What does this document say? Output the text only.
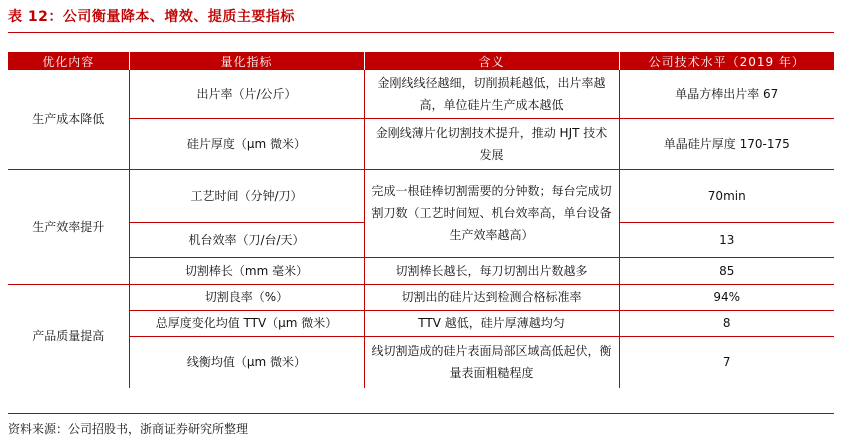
表 12：公司衡量降本、增效、提质主要指标
优化内容	量化指标	含义	公司技术水平（2019 年）
生产成本降低	出片率（片/公斤）	金刚线线径越细，切削损耗越低，出片率越高，单位硅片生产成本越低	单晶方棒出片率 67
	硅片厚度（μm 微米）	金刚线薄片化切割技术提升，推动 HJT 技术发展	单晶硅片厚度 170-175
生产效率提升	工艺时间（分钟/刀）	完成一根硅棒切割需要的分钟数；每台完成切割刀数（工艺时间短、机台效率高，单台设备生产效率越高）	70min
	机台效率（刀/台/天）		13
	切割棒长（mm 毫米）	切割棒长越长，每刀切割出片数越多	85
产品质量提高	切割良率（%）	切割出的硅片达到检测合格标准率	94%
	总厚度变化均值 TTV（μm 微米）	TTV 越低，硅片厚薄越均匀	8
	线衡均值（μm 微米）	线切割造成的硅片表面局部区域高低起伏，衡量表面粗糙程度	7
资料来源：公司招股书，浙商证券研究所整理
